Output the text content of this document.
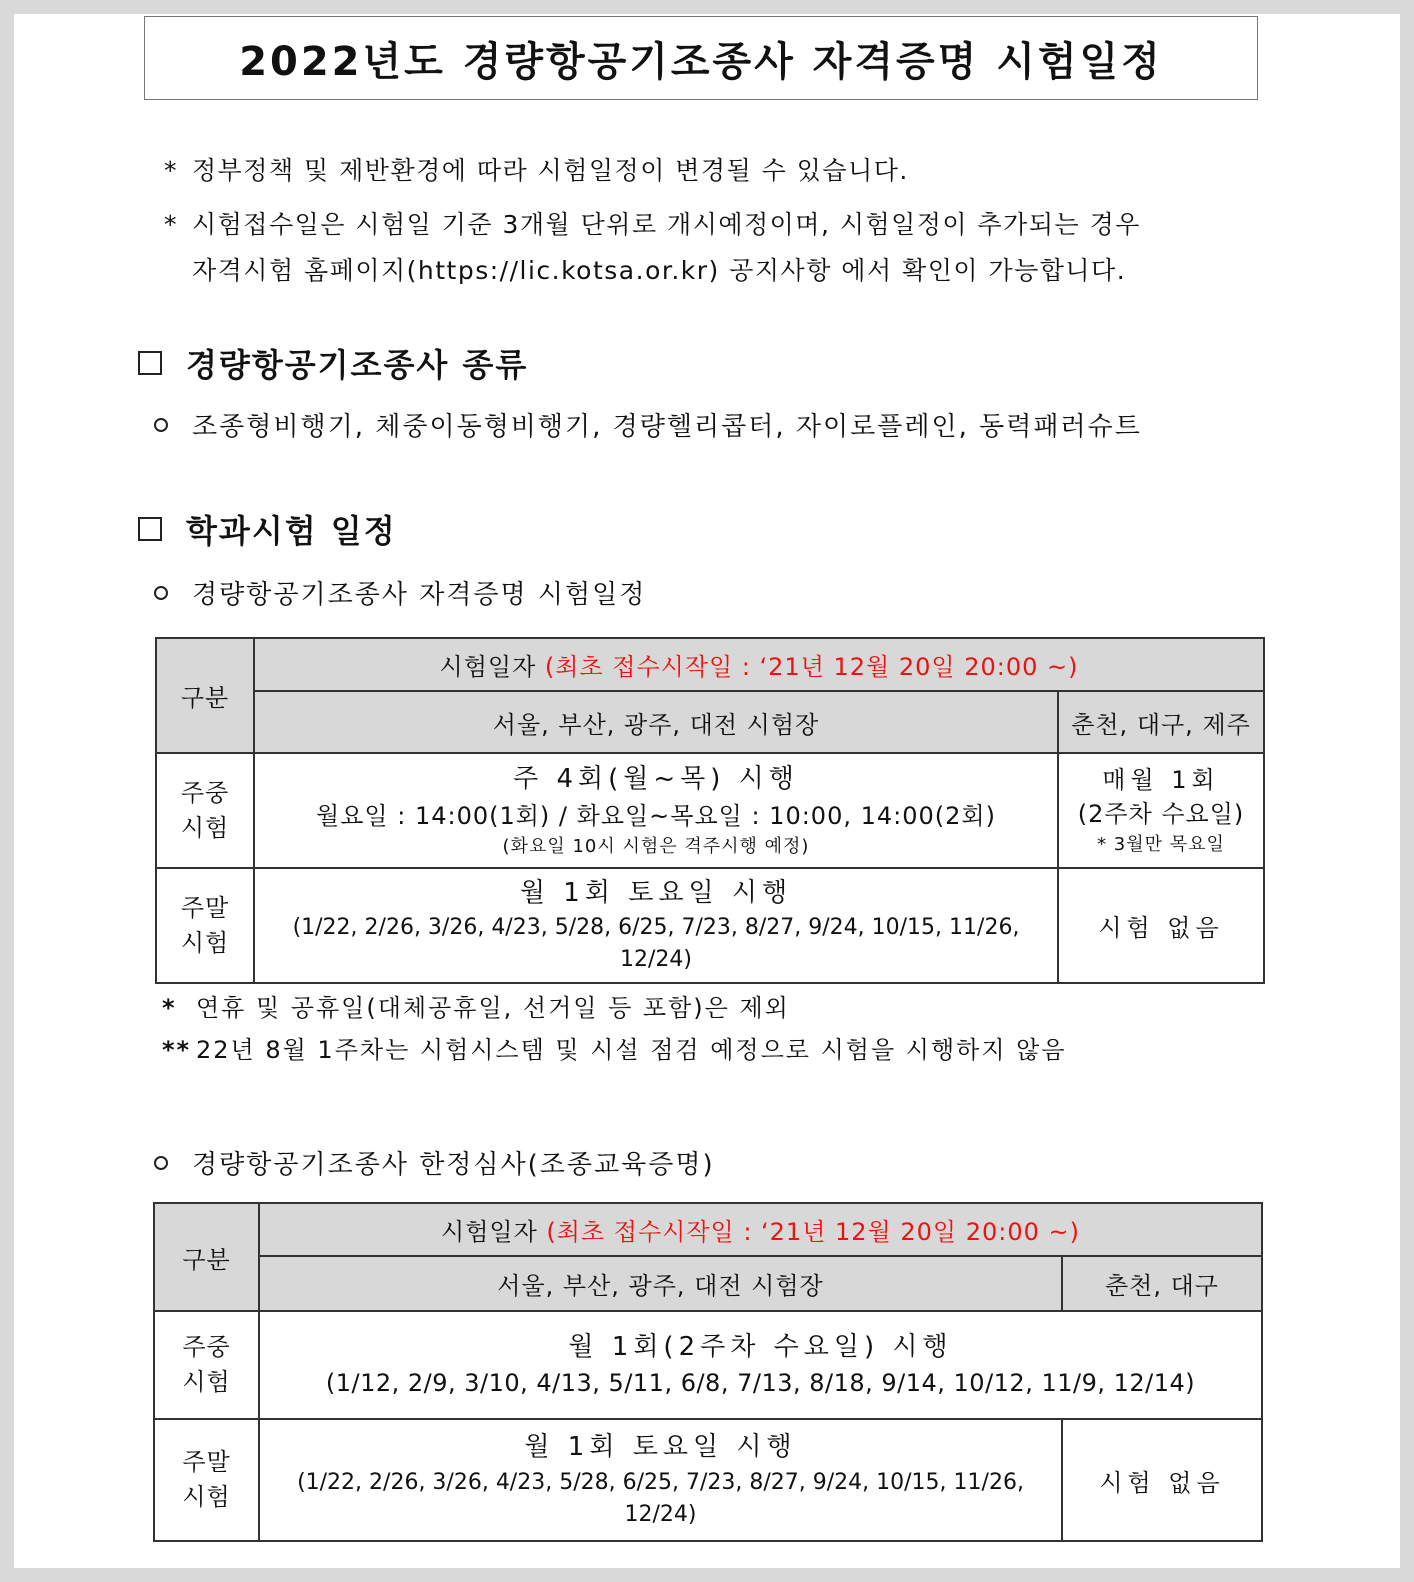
2022년도 경량항공기조종사 자격증명 시험일정
* 정부정책 및 제반환경에 따라 시험일정이 변경될 수 있습니다.
* 시험접수일은 시험일 기준 3개월 단위로 개시예정이며, 시험일정이 추가되는 경우
자격시험 홈페이지(https://lic.kotsa.or.kr) 공지사항 에서 확인이 가능합니다.
경량항공기조종사 종류
조종형비행기, 체중이동형비행기, 경량헬리콥터, 자이로플레인, 동력패러슈트
학과시험 일정
경량항공기조종사 자격증명 시험일정
구분	시험일자 (최초 접수시작일 : ‘21년 12월 20일 20:00 ~)	
	서울, 부산, 광주, 대전 시험장	춘천, 대구, 제주

주중
시험	주 4회(월~목) 시행
월요일 : 14:00(1회) / 화요일~목요일 : 10:00, 14:00(2회)
(화요일 10시 시험은 격주시행 예정)	매월 1회
(2주차 수요일)
* 3월만 목요일

주말
시험	월 1회 토요일 시행
(1/22, 2/26, 3/26, 4/23, 5/28, 6/25, 7/23, 8/27, 9/24, 10/15, 11/26, 12/24)	시험 없음
* 연휴 및 공휴일(대체공휴일, 선거일 등 포함)은 제외
** 22년 8월 1주차는 시험시스템 및 시설 점검 예정으로 시험을 시행하지 않음
경량항공기조종사 한정심사(조종교육증명)
구분	시험일자 (최초 접수시작일 : ‘21년 12월 20일 20:00 ~)	
	서울, 부산, 광주, 대전 시험장	춘천, 대구

주중
시험	월 1회(2주차 수요일) 시행
(1/12, 2/9, 3/10, 4/13, 5/11, 6/8, 7/13, 8/18, 9/14, 10/12, 11/9, 12/14)	

주말
시험	월 1회 토요일 시행
(1/22, 2/26, 3/26, 4/23, 5/28, 6/25, 7/23, 8/27, 9/24, 10/15, 11/26, 12/24)	시험 없음
